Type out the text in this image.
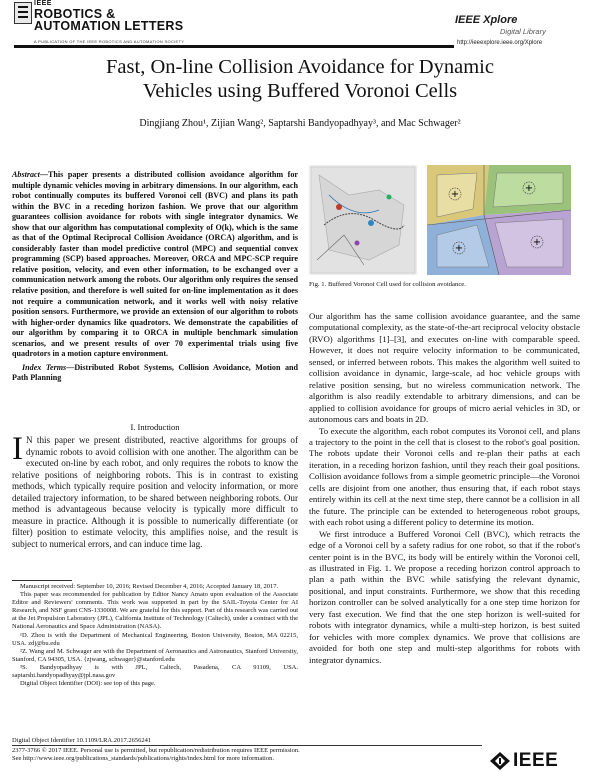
IEEE
ROBOTICS &
AUTOMATION LETTERS
A PUBLICATION OF THE IEEE ROBOTICS AND AUTOMATION SOCIETY
IEEE Xplore
Digital Library
http://ieeexplore.ieee.org/Xplore
Fast, On-line Collision Avoidance for Dynamic
Vehicles using Buffered Voronoi Cells
Dingjiang Zhou¹, Zijian Wang², Saptarshi Bandyopadhyay³, and Mac Schwager²

Abstract—This paper presents a distributed collision avoidance algorithm for multiple dynamic vehicles moving in arbitrary dimensions. In our algorithm, each robot continually computes its buffered Voronoi cell (BVC) and plans its path within the BVC in a receding horizon fashion. We prove that our algorithm guarantees collision avoidance for robots with single integrator dynamics. We show that our algorithm has computational complexity of O(k), which is the same as that of the Optimal Reciprocal Collision Avoidance (ORCA) algorithm, and is considerably faster than model predictive control (MPC) and sequential convex programming (SCP) based approaches. Moreover, ORCA and MPC-SCP require relative position, velocity, and even other information, to be exchanged over a communication network among the robots. Our algorithm only requires the sensed relative position, and therefore is well suited for on-line implementation as it does not require a communication network, and it works well with noisy relative position sensors. Furthermore, we provide an extension of our algorithm to robots with higher-order dynamics like quadrotors. We demonstrate the capabilities of our algorithm by comparing it to ORCA in multiple benchmark simulation scenarios, and we present results of over 70 experimental trials using five quadrotors in a motion capture environment.

Index Terms—Distributed Robot Systems, Collision Avoidance, Motion and Path Planning

I. Introduction

I N this paper we present distributed, reactive algorithms for groups of dynamic robots to avoid collision with one another. The algorithm can be executed on-line by each robot, and only requires the robots to know the relative positions of neighboring robots. This is in contrast to existing methods, which typically require position and velocity information, or more detailed trajectory information, to be shared between neighboring robots. Our method is advantageous because velocity is typically more difficult to measure in practice. Although it is possible to numerically differentiate (or filter) position to estimate velocity, this amplifies noise, and the result is subject to numerical errors, and can induce time lag.

Manuscript received: September 10, 2016; Revised December 4, 2016; Accepted January 18, 2017.

This paper was recommended for publication by Editor Nancy Amato upon evaluation of the Associate Editor and Reviewers' comments. This work was supported in part by the SAIL-Toyota Center for AI Research, and NSF grant CNS-1330008. We are grateful for this support. Part of this research was carried out at the Jet Propulsion Laboratory (JPL), California Institute of Technology (Caltech), under a contract with the National Aeronautics and Space Administration (NASA).

¹D. Zhou is with the Department of Mechanical Engineering, Boston University, Boston, MA 02215, USA. zdj@bu.edu

²Z. Wang and M. Schwager are with the Department of Aeronautics and Astronautics, Stanford University, Stanford, CA 94305, USA. {zjwang, schwager}@stanford.edu

³S. Bandyopadhyay is with JPL, Caltech, Pasadena, CA 91109, USA. saptarshi.bandyopadhyay@jpl.nasa.gov

Digital Object Identifier (DOI): see top of this page.

+
+
+
+
Fig. 1. Buffered Voronoi Cell used for collision avoidance.

Our algorithm has the same collision avoidance guarantee, and the same computational complexity, as the state-of-the-art reciprocal velocity obstacle (RVO) algorithms [1]–[3], and executes on-line with comparable speed. However, it does not require velocity information to be communicated, sensed, or inferred between robots. This makes the algorithm well suited to collision avoidance in dynamic, large-scale, ad hoc vehicle groups with relative position sensing, but no wireless communication network. The algorithm is also readily extendable to arbitrary dimensions, and can be applied to collision avoidance for groups of micro aerial vehicles in 3D, or autonomous cars and boats in 2D.

To execute the algorithm, each robot computes its Voronoi cell, and plans a trajectory to the point in the cell that is closest to the robot's goal position. The robots update their Voronoi cells and re-plan their paths at each iteration, in a receding horizon fashion, until they reach their goal positions. Collision avoidance follows from a simple geometric principle—the Voronoi cells are disjoint from one another, thus ensuring that, if each robot stays entirely within its cell at the next time step, there cannot be a collision in all the future. The principle can be extended to heterogeneous robot groups, with each robot using a different policy to determine its motion.

We first introduce a Buffered Voronoi Cell (BVC), which retracts the edge of a Voronoi cell by a safety radius for one robot, so that if the robot's center point is in the BVC, its body will be entirely within the Voronoi cell, as illustrated in Fig. 1. We propose a receding horizon control approach to plan a path within the BVC while satisfying the relevant dynamic, positional, and input constraints. Furthermore, we show that this receding horizon controller can be solved analytically for a one step time horizon for very fast execution. We find that the one step horizon is well-suited for robots with integrator dynamics, while a multi-step horizon, is best suited for vehicles with more complex dynamics. We prove that collisions are avoided for both one step and multi-step algorithms for robots with integrator dynamics.

Digital Object Identifier 10.1109/LRA.2017.2656241
2377-3766 © 2017 IEEE. Personal use is permitted, but republication/redistribution requires IEEE permission.
See http://www.ieee.org/publications_standards/publications/rights/index.html for more information.	IEEE
